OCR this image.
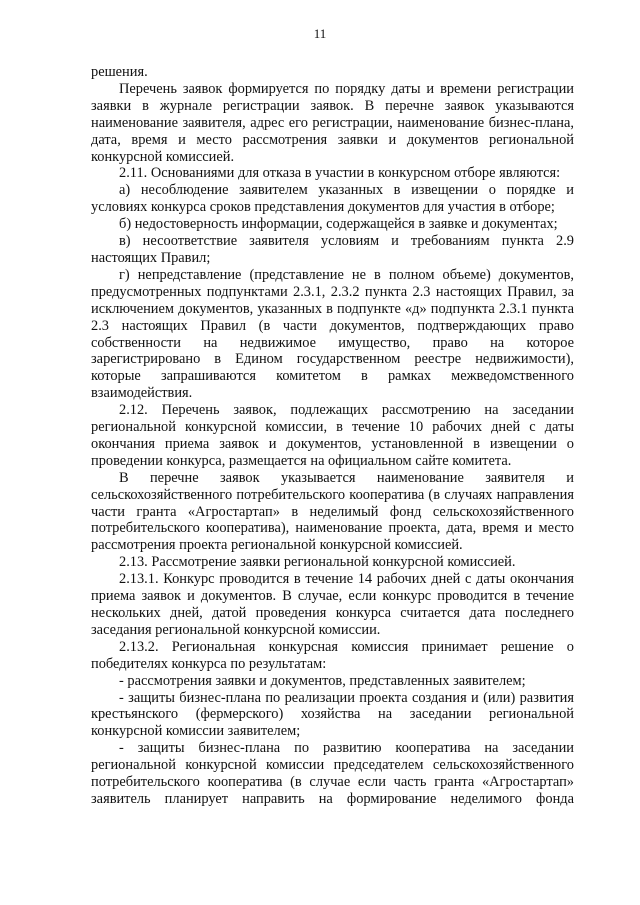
11

решения.

Перечень заявок формируется по порядку даты и времени регистрации заявки в журнале регистрации заявок. В перечне заявок указываются наименование заявителя, адрес его регистрации, наименование бизнес-плана, дата, время и место рассмотрения заявки и документов региональной конкурсной комиссией.

2.11. Основаниями для отказа в участии в конкурсном отборе являются:

а) несоблюдение заявителем указанных в извещении о порядке и условиях конкурса сроков представления документов для участия в отборе;

б) недостоверность информации, содержащейся в заявке и документах;

в) несоответствие заявителя условиям и требованиям пункта 2.9 настоящих Правил;

г) непредставление (представление не в полном объеме) документов, предусмотренных подпунктами 2.3.1, 2.3.2 пункта 2.3 настоящих Правил, за исключением документов, указанных в подпункте «д» подпункта 2.3.1 пункта 2.3 настоящих Правил (в части документов, подтверждающих право собственности на недвижимое имущество, право на которое зарегистрировано в Едином государственном реестре недвижимости), которые запрашиваются комитетом в рамках межведомственного взаимодействия.

2.12. Перечень заявок, подлежащих рассмотрению на заседании региональной конкурсной комиссии, в течение 10 рабочих дней с даты окончания приема заявок и документов, установленной в извещении о проведении конкурса, размещается на официальном сайте комитета.

В перечне заявок указывается наименование заявителя и сельскохозяйственного потребительского кооператива (в случаях направления части гранта «Агростартап» в неделимый фонд сельскохозяйственного потребительского кооператива), наименование проекта, дата, время и место рассмотрения проекта региональной конкурсной комиссией.

2.13. Рассмотрение заявки региональной конкурсной комиссией.

2.13.1. Конкурс проводится в течение 14 рабочих дней с даты окончания приема заявок и документов. В случае, если конкурс проводится в течение нескольких дней, датой проведения конкурса считается дата последнего заседания региональной конкурсной комиссии.

2.13.2. Региональная конкурсная комиссия принимает решение о победителях конкурса по результатам:

- рассмотрения заявки и документов, представленных заявителем;

- защиты бизнес-плана по реализации проекта создания и (или) развития крестьянского (фермерского) хозяйства на заседании региональной конкурсной комиссии заявителем;

- защиты бизнес-плана по развитию кооператива на заседании региональной конкурсной комиссии председателем сельскохозяйственного потребительского кооператива (в случае если часть гранта «Агростартап» заявитель планирует направить на формирование неделимого фонда
